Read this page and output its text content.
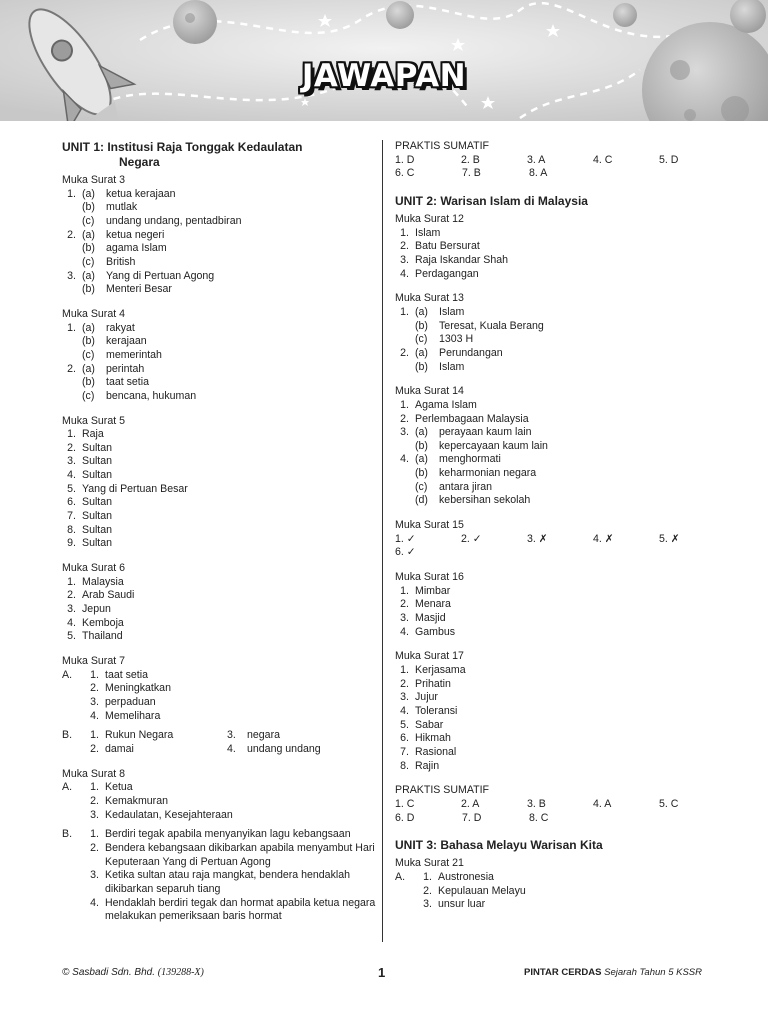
JAWAPAN
UNIT 1: Institusi Raja Tonggak Kedaulatan
Negara
Muka Surat 3
1. (a)	ketua kerajaan
(b)	mutlak
(c)	undang undang, pentadbiran
2. (a)	ketua negeri
(b)	agama Islam
(c)	British
3. (a)	Yang di Pertuan Agong
(b)	Menteri Besar
Muka Surat 4
1. (a)	rakyat
(b)	kerajaan
(c)	memerintah
2. (a)	perintah
(b)	taat setia
(c)	bencana, hukuman
Muka Surat 5
1. Raja
2. Sultan
3. Sultan
4. Sultan
5. Yang di Pertuan Besar
6. Sultan
7. Sultan
8. Sultan
9. Sultan
Muka Surat 6
1. Malaysia
2. Arab Saudi
3. Jepun
4. Kemboja
5. Thailand
Muka Surat 7
A.	1. taat setia
2. Meningkatkan
3. perpaduan
4. Memelihara
B.	1. Rukun Negara	3.	negara
2. damai	4.	undang undang
Muka Surat 8
A.	1. Ketua
2. Kemakmuran
3. Kedaulatan, Kesejahteraan
B.	1. Berdiri tegak apabila menyanyikan lagu kebangsaan
2. Bendera kebangsaan dikibarkan apabila menyambut Hari Keputeraan Yang di Pertuan Agong
3. Ketika sultan atau raja mangkat, bendera hendaklah dikibarkan separuh tiang
4. Hendaklah berdiri tegak dan hormat apabila ketua negara melakukan pemeriksaan baris hormat
PRAKTIS SUMATIF
1. D	2. B	3. A	4. C	5. D
6. C	7. B	8. A
UNIT 2: Warisan Islam di Malaysia
Muka Surat 12
1. Islam
2. Batu Bersurat
3. Raja Iskandar Shah
4. Perdagangan
Muka Surat 13
1. (a)	Islam
(b)	Teresat, Kuala Berang
(c)	1303 H
2. (a)	Perundangan
(b)	Islam
Muka Surat 14
1. Agama Islam
2. Perlembagaan Malaysia
3. (a)	perayaan kaum lain
(b)	kepercayaan kaum lain
4. (a)	menghormati
(b)	keharmonian negara
(c)	antara jiran
(d)	kebersihan sekolah
Muka Surat 15
1. ✓	2. ✓	3. ✗	4. ✗	5. ✗
6. ✓
Muka Surat 16
1. Mimbar
2. Menara
3. Masjid
4. Gambus
Muka Surat 17
1. Kerjasama
2. Prihatin
3. Jujur
4. Toleransi
5. Sabar
6. Hikmah
7. Rasional
8. Rajin
PRAKTIS SUMATIF
1. C	2. A	3. B	4. A	5. C
6. D	7. D	8. C
UNIT 3: Bahasa Melayu Warisan Kita
Muka Surat 21
A.	1. Austronesia
2. Kepulauan Melayu
3. unsur luar
© Sasbadi Sdn. Bhd. (139288-X)	1	PINTAR CERDAS Sejarah Tahun 5 KSSR
